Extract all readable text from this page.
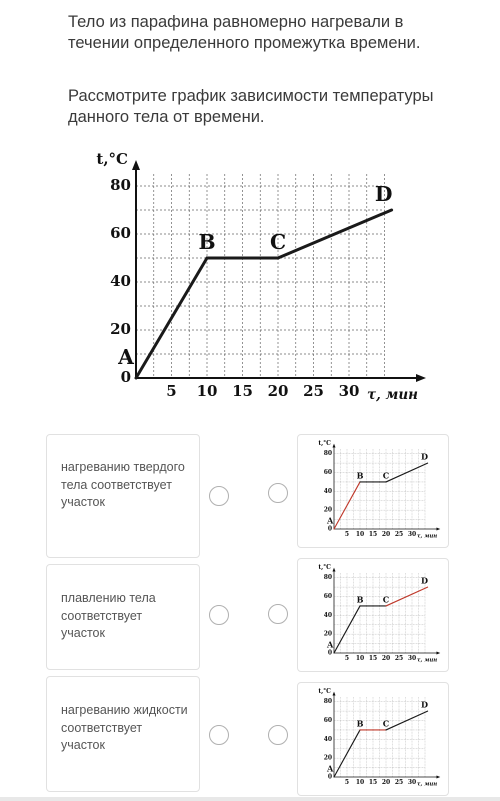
Тело из парафина равномерно нагревали в течении определенного промежутка времени.
Рассмотрите график зависимости температуры данного тела от времени.
0
20
40
60
80
5 10 15 20 25 30
t,°C
τ, мин
A
B	C
D
нагреванию твердого тела соответствует участок
0
20
40
60
80
5 10 15 20 25 30
t,°C
τ, мин
A
B C
D
плавлению тела соответствует участок
0
20
40
60
80
5 10 15 20 25 30
t,°C
τ, мин
A
B C
D
нагреванию жидкости соответствует участок
0
20
40
60
80
5 10 15 20 25 30
t,°C
τ, мин
A
B C
D
